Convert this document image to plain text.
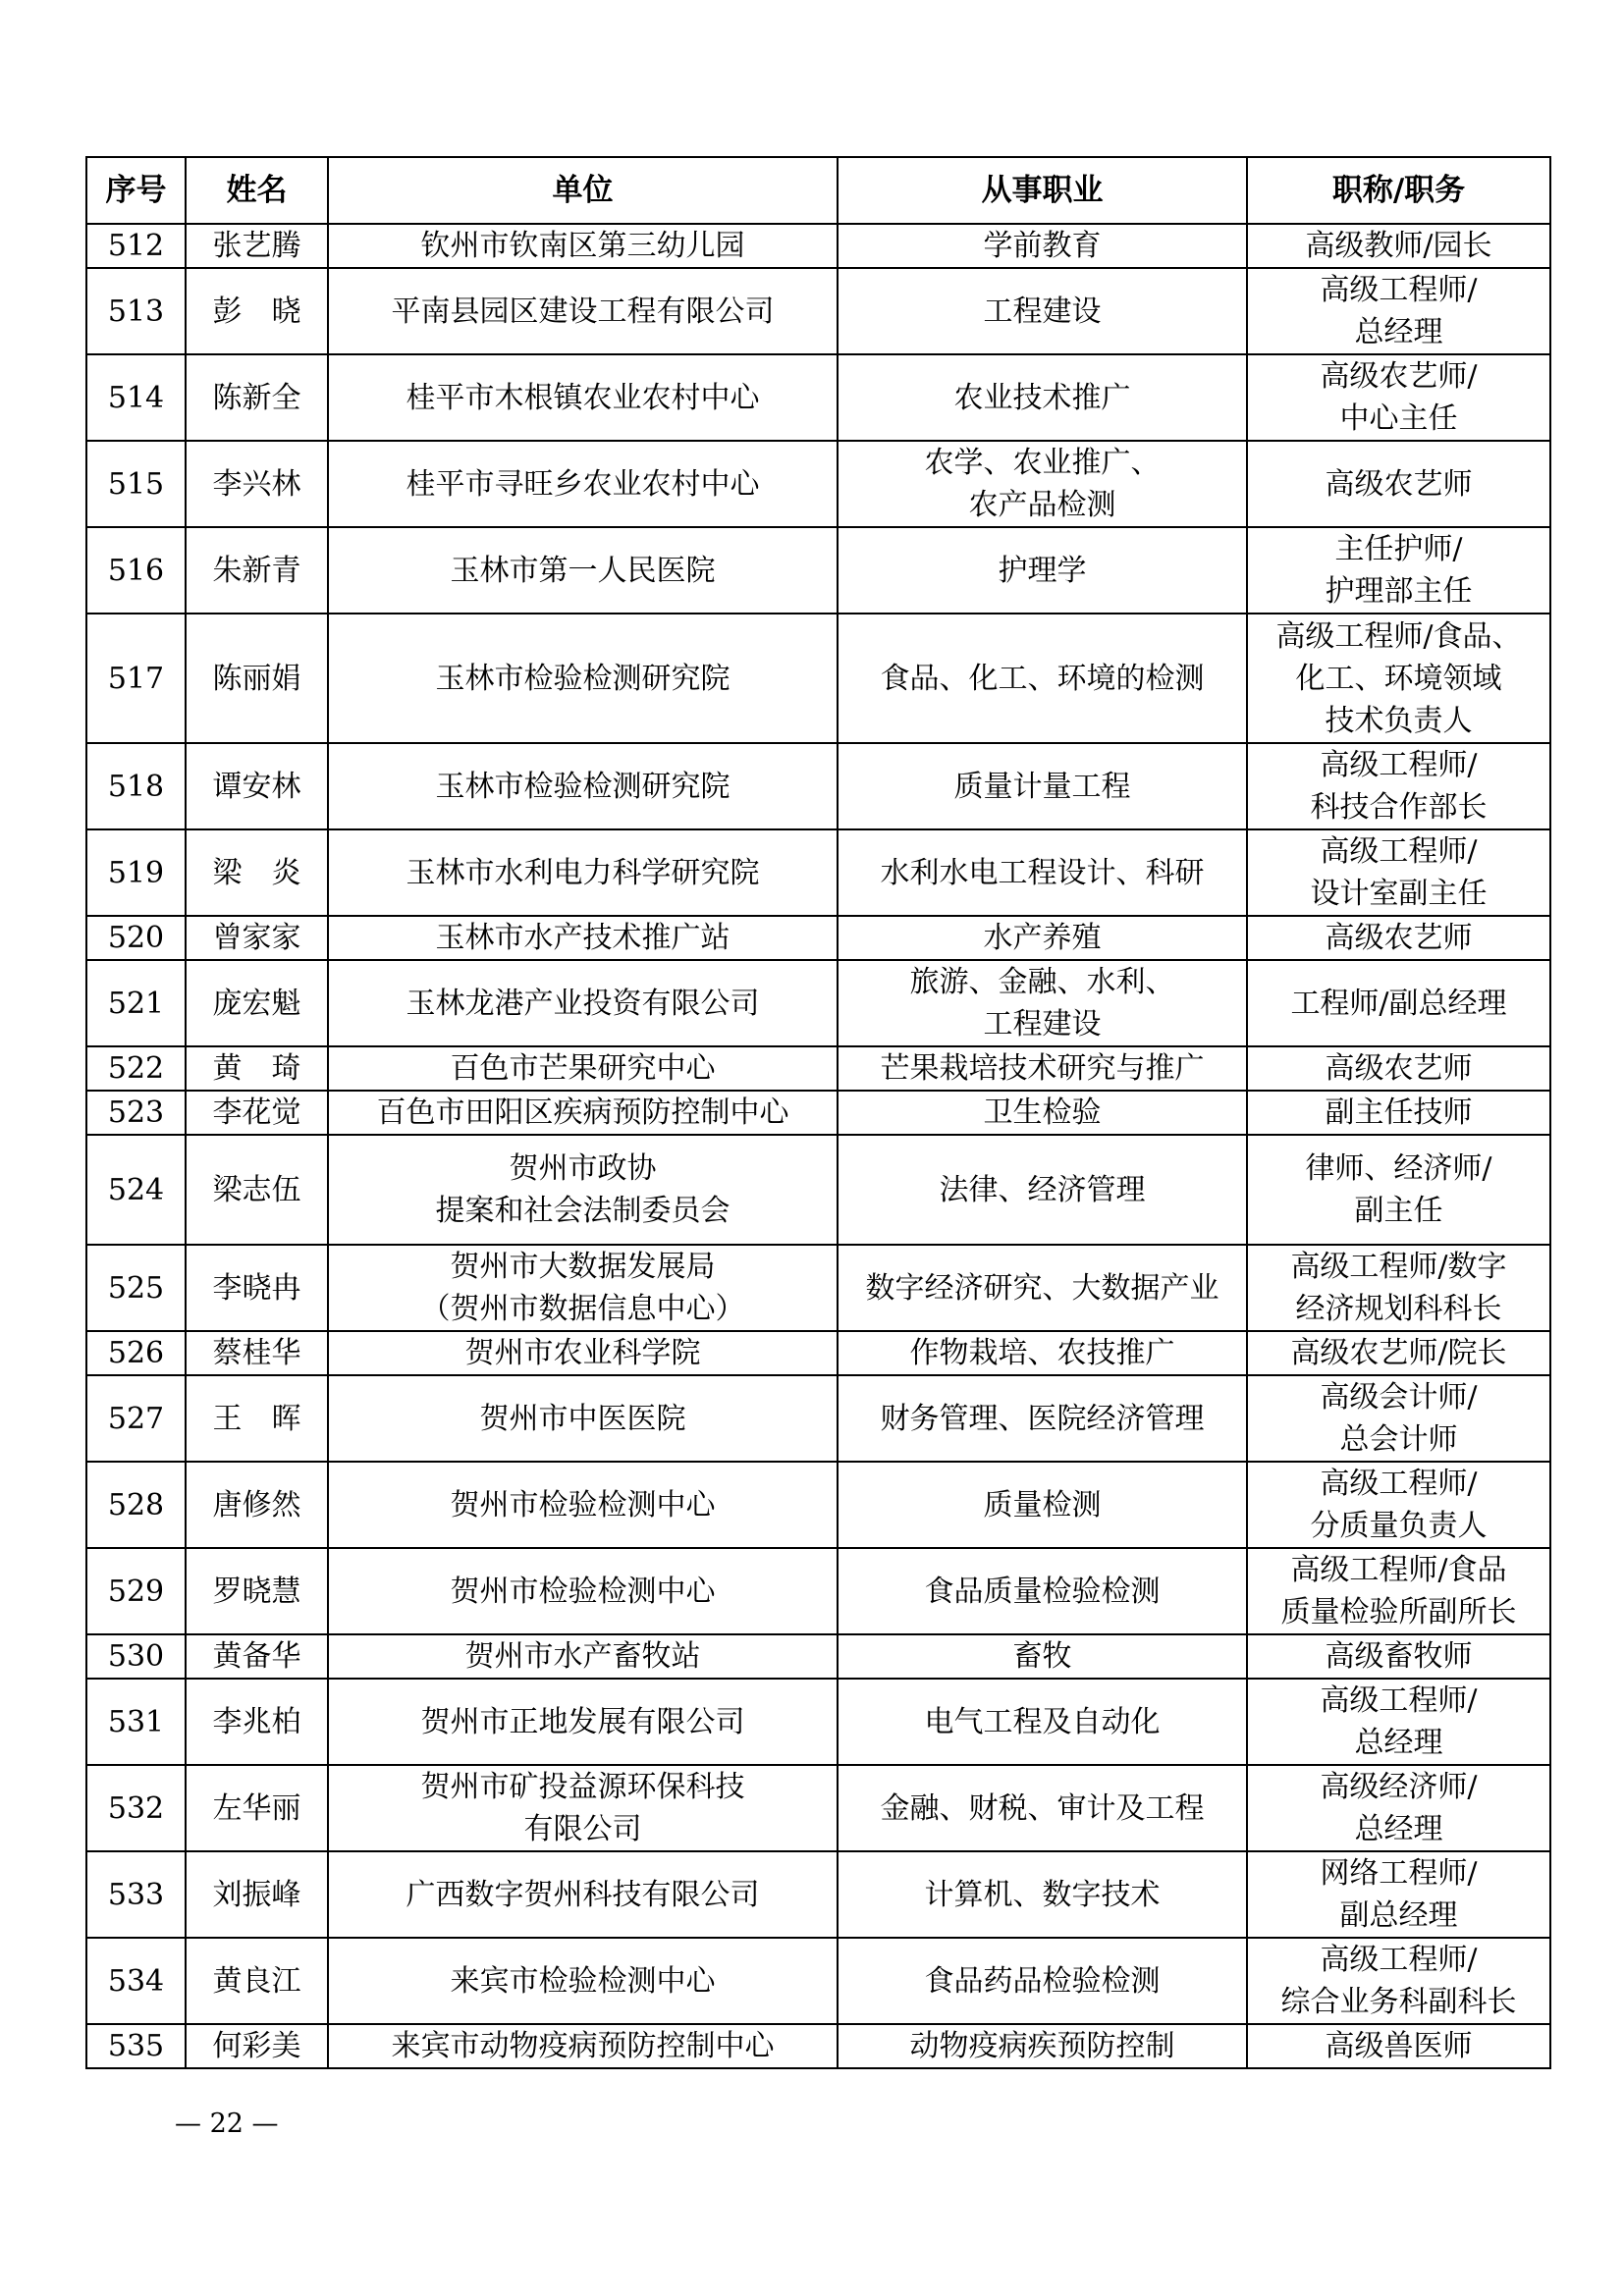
序号	姓名	单位	从事职业	职称/职务
512	张艺腾	钦州市钦南区第三幼儿园	学前教育	高级教师/园长
513	彭　晓	平南县园区建设工程有限公司	工程建设	高级工程师/
总经理
514	陈新全	桂平市木根镇农业农村中心	农业技术推广	高级农艺师/
中心主任
515	李兴林	桂平市寻旺乡农业农村中心	农学、农业推广、
农产品检测	高级农艺师
516	朱新青	玉林市第一人民医院	护理学	主任护师/
护理部主任
517	陈丽娟	玉林市检验检测研究院	食品、化工、环境的检测	高级工程师/食品、
化工、环境领域
技术负责人
518	谭安林	玉林市检验检测研究院	质量计量工程	高级工程师/
科技合作部长
519	梁　炎	玉林市水利电力科学研究院	水利水电工程设计、科研	高级工程师/
设计室副主任
520	曾家家	玉林市水产技术推广站	水产养殖	高级农艺师
521	庞宏魁	玉林龙港产业投资有限公司	旅游、金融、水利、
工程建设	工程师/副总经理
522	黄　琦	百色市芒果研究中心	芒果栽培技术研究与推广	高级农艺师
523	李花觉	百色市田阳区疾病预防控制中心	卫生检验	副主任技师
524	梁志伍	贺州市政协
提案和社会法制委员会	法律、经济管理	律师、经济师/
副主任
525	李晓冉	贺州市大数据发展局
（贺州市数据信息中心）	数字经济研究、大数据产业	高级工程师/数字
经济规划科科长
526	蔡桂华	贺州市农业科学院	作物栽培、农技推广	高级农艺师/院长
527	王　晖	贺州市中医医院	财务管理、医院经济管理	高级会计师/
总会计师
528	唐修然	贺州市检验检测中心	质量检测	高级工程师/
分质量负责人
529	罗晓慧	贺州市检验检测中心	食品质量检验检测	高级工程师/食品
质量检验所副所长
530	黄备华	贺州市水产畜牧站	畜牧	高级畜牧师
531	李兆柏	贺州市正地发展有限公司	电气工程及自动化	高级工程师/
总经理
532	左华丽	贺州市矿投益源环保科技
有限公司	金融、财税、审计及工程	高级经济师/
总经理
533	刘振峰	广西数字贺州科技有限公司	计算机、数字技术	网络工程师/
副总经理
534	黄良江	来宾市检验检测中心	食品药品检验检测	高级工程师/
综合业务科副科长
535	何彩美	来宾市动物疫病预防控制中心	动物疫病疾预防控制	高级兽医师
— 22 —
